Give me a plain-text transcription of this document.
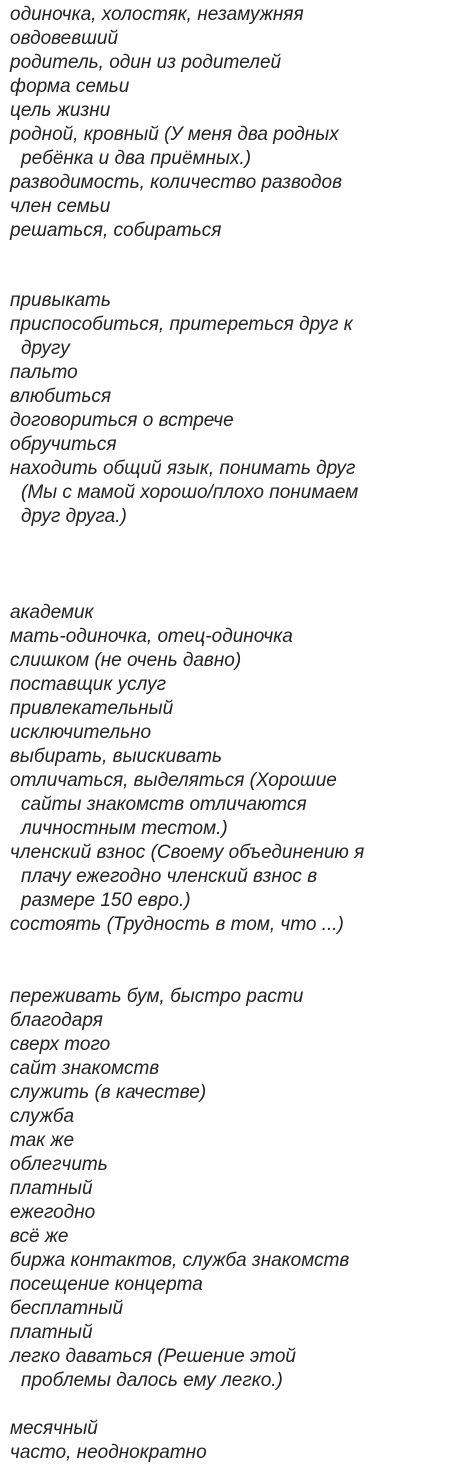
одиночка, холостяк, незамужняя
овдовевший
родитель, один из родителей
форма семьи
цель жизни
родной, кровный (У меня два родных
ребёнка и два приёмных.)
разводимость, количество разводов
член семьи
решаться, собираться
привыкать
приспособиться, притереться друг к
другу
пальто
влюбиться
договориться о встрече
обручиться
находить общий язык, понимать друг
(Мы с мамой хорошо/плохо понимаем
друг друга.)
академик
мать-одиночка, отец-одиночка
слишком (не очень давно)
поставщик услуг
привлекательный
исключительно
выбирать, выискивать
отличаться, выделяться (Хорошие
сайты знакомств отличаются
личностным тестом.)
членский взнос (Своему объединению я
плачу ежегодно членский взнос в
размере 150 евро.)
состоять (Трудность в том, что ...)
переживать бум, быстро расти
благодаря
сверх того
сайт знакомств
служить (в качестве)
служба
так же
облегчить
платный
ежегодно
всё же
биржа контактов, служба знакомств
посещение концерта
бесплатный
платный
легко даваться (Решение этой
проблемы далось ему легко.)
месячный
часто, неоднократно
